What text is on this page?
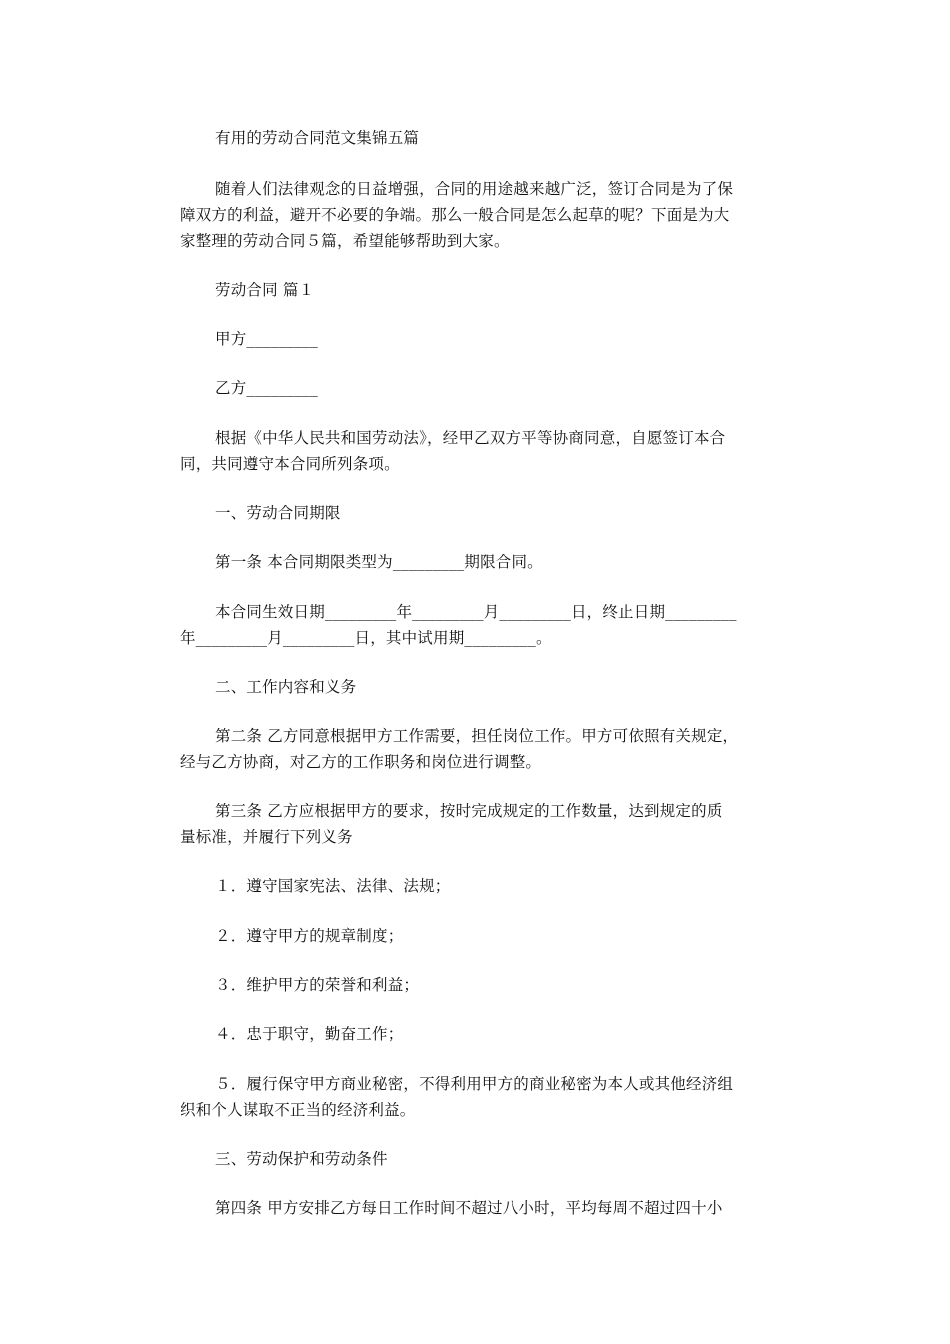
有用的劳动合同范文集锦五篇
随着人们法律观念的日益增强，合同的用途越来越广泛，签订合同是为了保
障双方的利益，避开不必要的争端。那么一般合同是怎么起草的呢？下面是为大
家整理的劳动合同５篇，希望能够帮助到大家。
劳动合同 篇１
甲方_________
乙方_________
根据《中华人民共和国劳动法》，经甲乙双方平等协商同意，自愿签订本合
同，共同遵守本合同所列条项。
一、劳动合同期限
第一条 本合同期限类型为_________期限合同。
本合同生效日期_________年_________月_________日，终止日期_________
年_________月_________日，其中试用期_________。
二、工作内容和义务
第二条 乙方同意根据甲方工作需要，担任岗位工作。甲方可依照有关规定，
经与乙方协商，对乙方的工作职务和岗位进行调整。
第三条 乙方应根据甲方的要求，按时完成规定的工作数量，达到规定的质
量标准，并履行下列义务
１．遵守国家宪法、法律、法规；
２．遵守甲方的规章制度；
３．维护甲方的荣誉和利益；
４．忠于职守，勤奋工作；
５．履行保守甲方商业秘密，不得利用甲方的商业秘密为本人或其他经济组
织和个人谋取不正当的经济利益。
三、劳动保护和劳动条件
第四条 甲方安排乙方每日工作时间不超过八小时，平均每周不超过四十小
